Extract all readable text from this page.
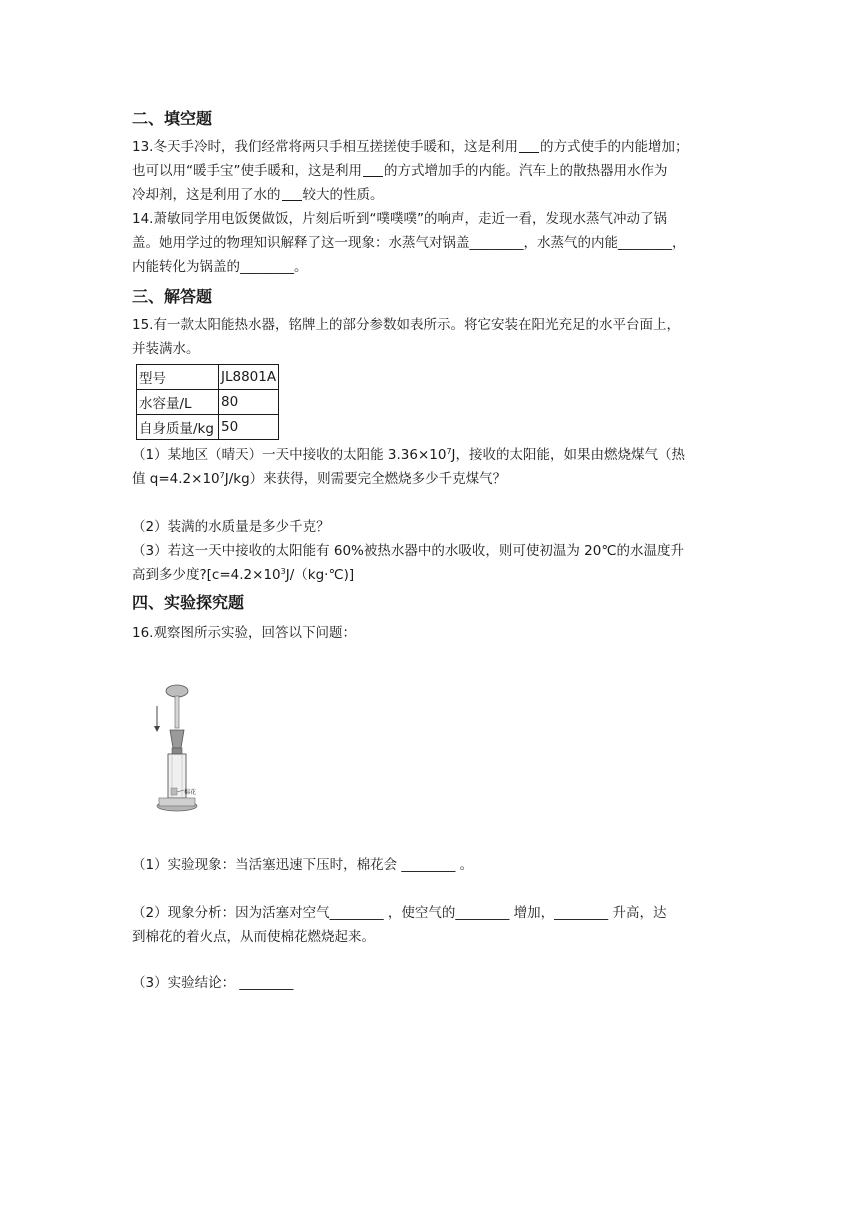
二、填空题
13.冬天手冷时，我们经常将两只手相互搓搓使手暖和，这是利用 的方式使手的内能增加；
也可以用“暖手宝”使手暖和，这是利用 的方式增加手的内能。汽车上的散热器用水作为
冷却剂，这是利用了水的 较大的性质。
14.萧敏同学用电饭煲做饭，片刻后听到“噗噗噗”的响声，走近一看，发现水蒸气冲动了锅
盖。她用学过的物理知识解释了这一现象：水蒸气对锅盖________，水蒸气的内能________，
内能转化为锅盖的________。
三、解答题
15.有一款太阳能热水器，铭牌上的部分参数如表所示。将它安装在阳光充足的水平台面上，
并装满水。
型号	JL8801A
水容量/L	80
自身质量/kg	50
（1）某地区（晴天）一天中接收的太阳能 $3.36\times 10^7J$，接收的太阳能，如果由燃烧煤气（热
值 $q=4.2\times 10^7J/kg$）来获得，则需要完全燃烧多少千克煤气？
（2）装满的水质量是多少千克？
（3）若这一天中接收的太阳能有 60%被热水器中的水吸收，则可使初温为 20℃的水温度升
高到多少度$?[c=4.2\times 10^3J/(kg\cdot℃)]$
四、实验探究题
16.观察图所示实验，回答以下问题：
棉花
（1）实验现象：当活塞迅速下压时，棉花会 ________ 。
（2）现象分析：因为活塞对空气________ ，使空气的________ 增加，________ 升高，达
到棉花的着火点，从而使棉花燃烧起来。
（3）实验结论： ________
